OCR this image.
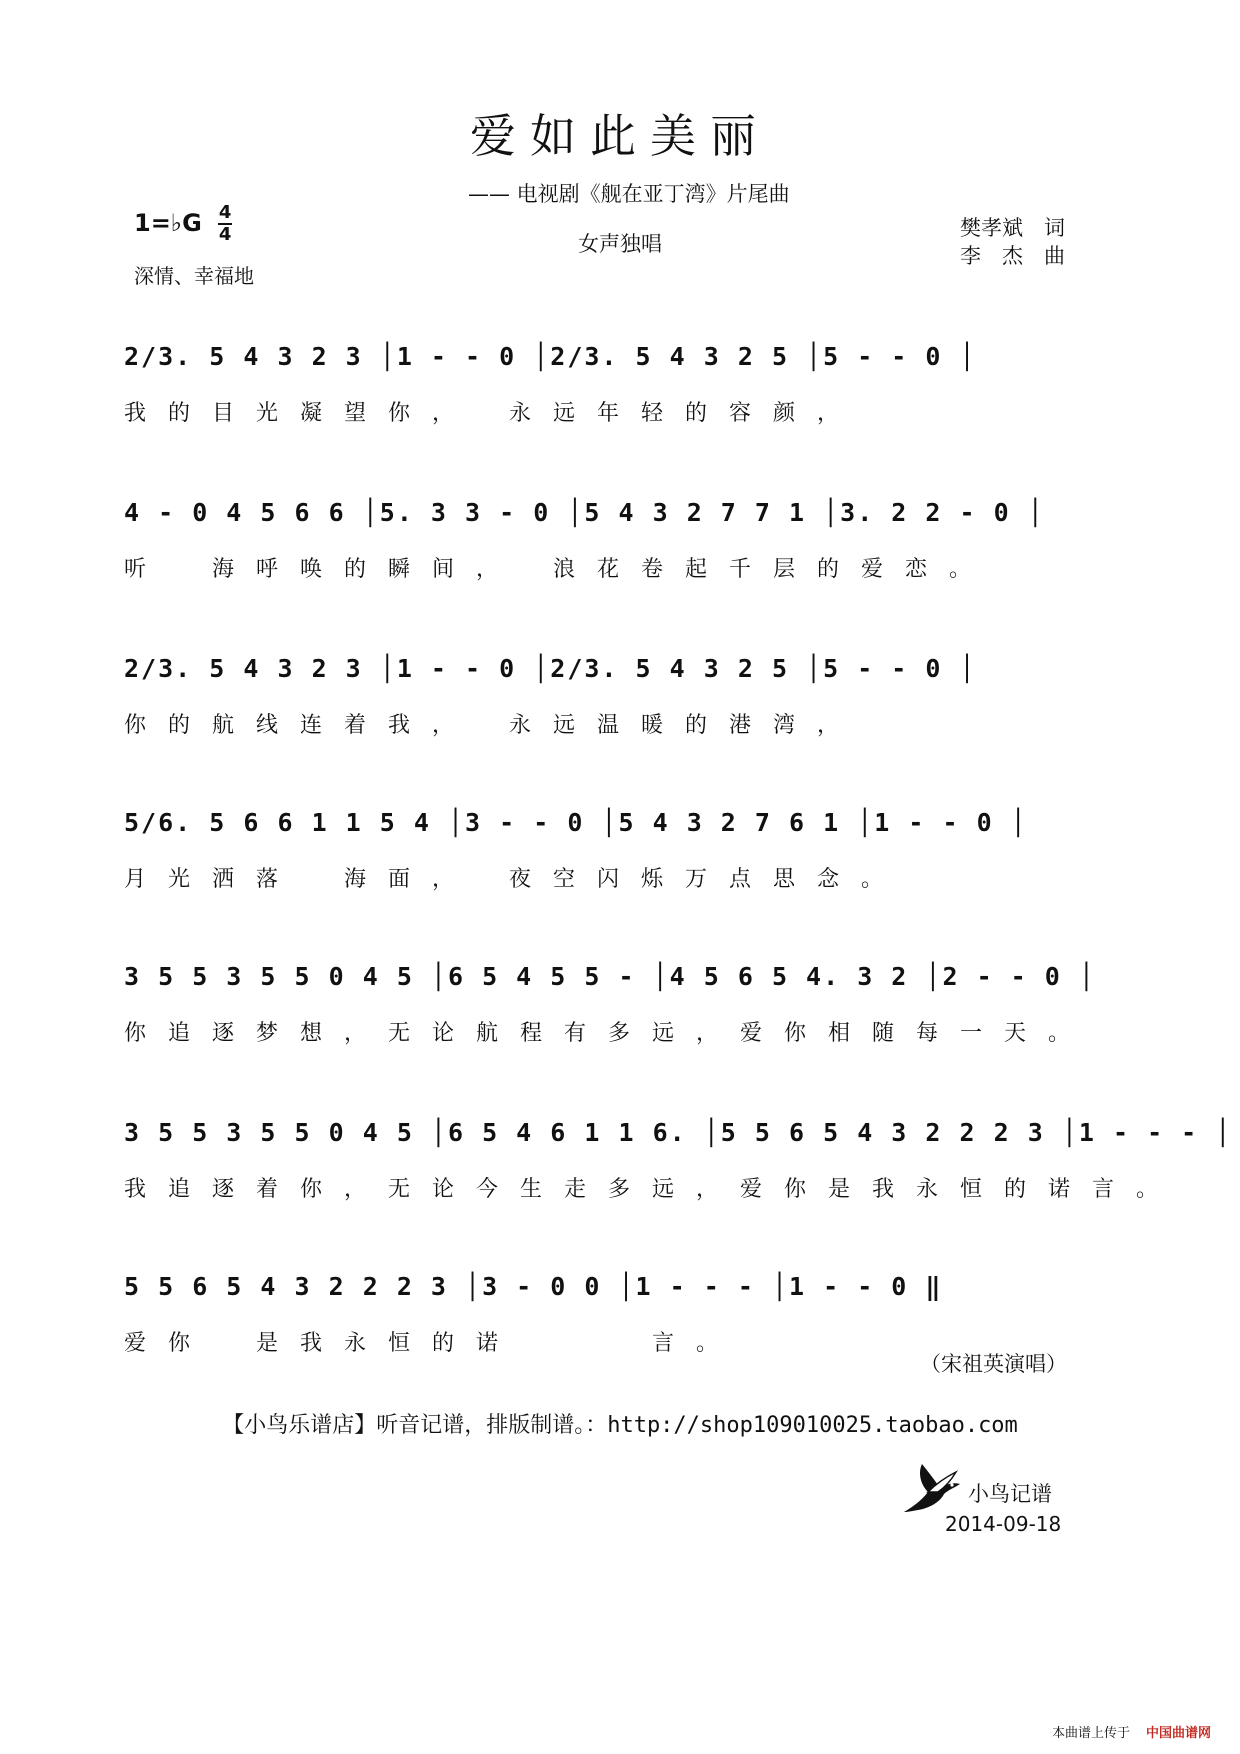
爱如此美丽
—— 电视剧《舰在亚丁湾》片尾曲
女声独唱
1=♭G $\frac{4}{4}$
深情、幸福地
樊孝斌　词
李　杰　曲
2/3. 5 4 3 2 3 │1 - - 0 │2/3. 5 4 3 2 5 │5 - - 0 │
我的目光凝望你，　永远年轻的容颜，
4 - 0 4 5 6 6 │5. 3 3 - 0 │5 4 3 2 7 7 1 │3. 2 2 - 0 │
听　海呼唤的瞬间，　浪花卷起千层的爱恋。
2/3. 5 4 3 2 3 │1 - - 0 │2/3. 5 4 3 2 5 │5 - - 0 │
你的航线连着我，　永远温暖的港湾，
5/6. 5 6 6 1 1 5 4 │3 - - 0 │5 4 3 2 7 6 1 │1 - - 0 │
月光洒落　海面，　夜空闪烁万点思念。
3 5 5 3 5 5 0 4 5 │6 5 4 5 5 - │4 5 6 5 4. 3 2 │2 - - 0 │
你追逐梦想，无论航程有多远，爱你相随每一天。
3 5 5 3 5 5 0 4 5 │6 5 4 6 1 1 6. │5 5 6 5 4 3 2 2 2 3 │1 - - - │
我追逐着你，无论今生走多远，爱你是我永恒的诺言。
5 5 6 5 4 3 2 2 2 3 │3 - 0 0 │1 - - - │1 - - 0 ‖
爱你　是我永恒的诺　　　言。
（宋祖英演唱）
【小鸟乐谱店】听音记谱，排版制谱。：http://shop109010025.taobao.com
小鸟记谱
2014-09-18
本曲谱上传于 中国曲谱网
